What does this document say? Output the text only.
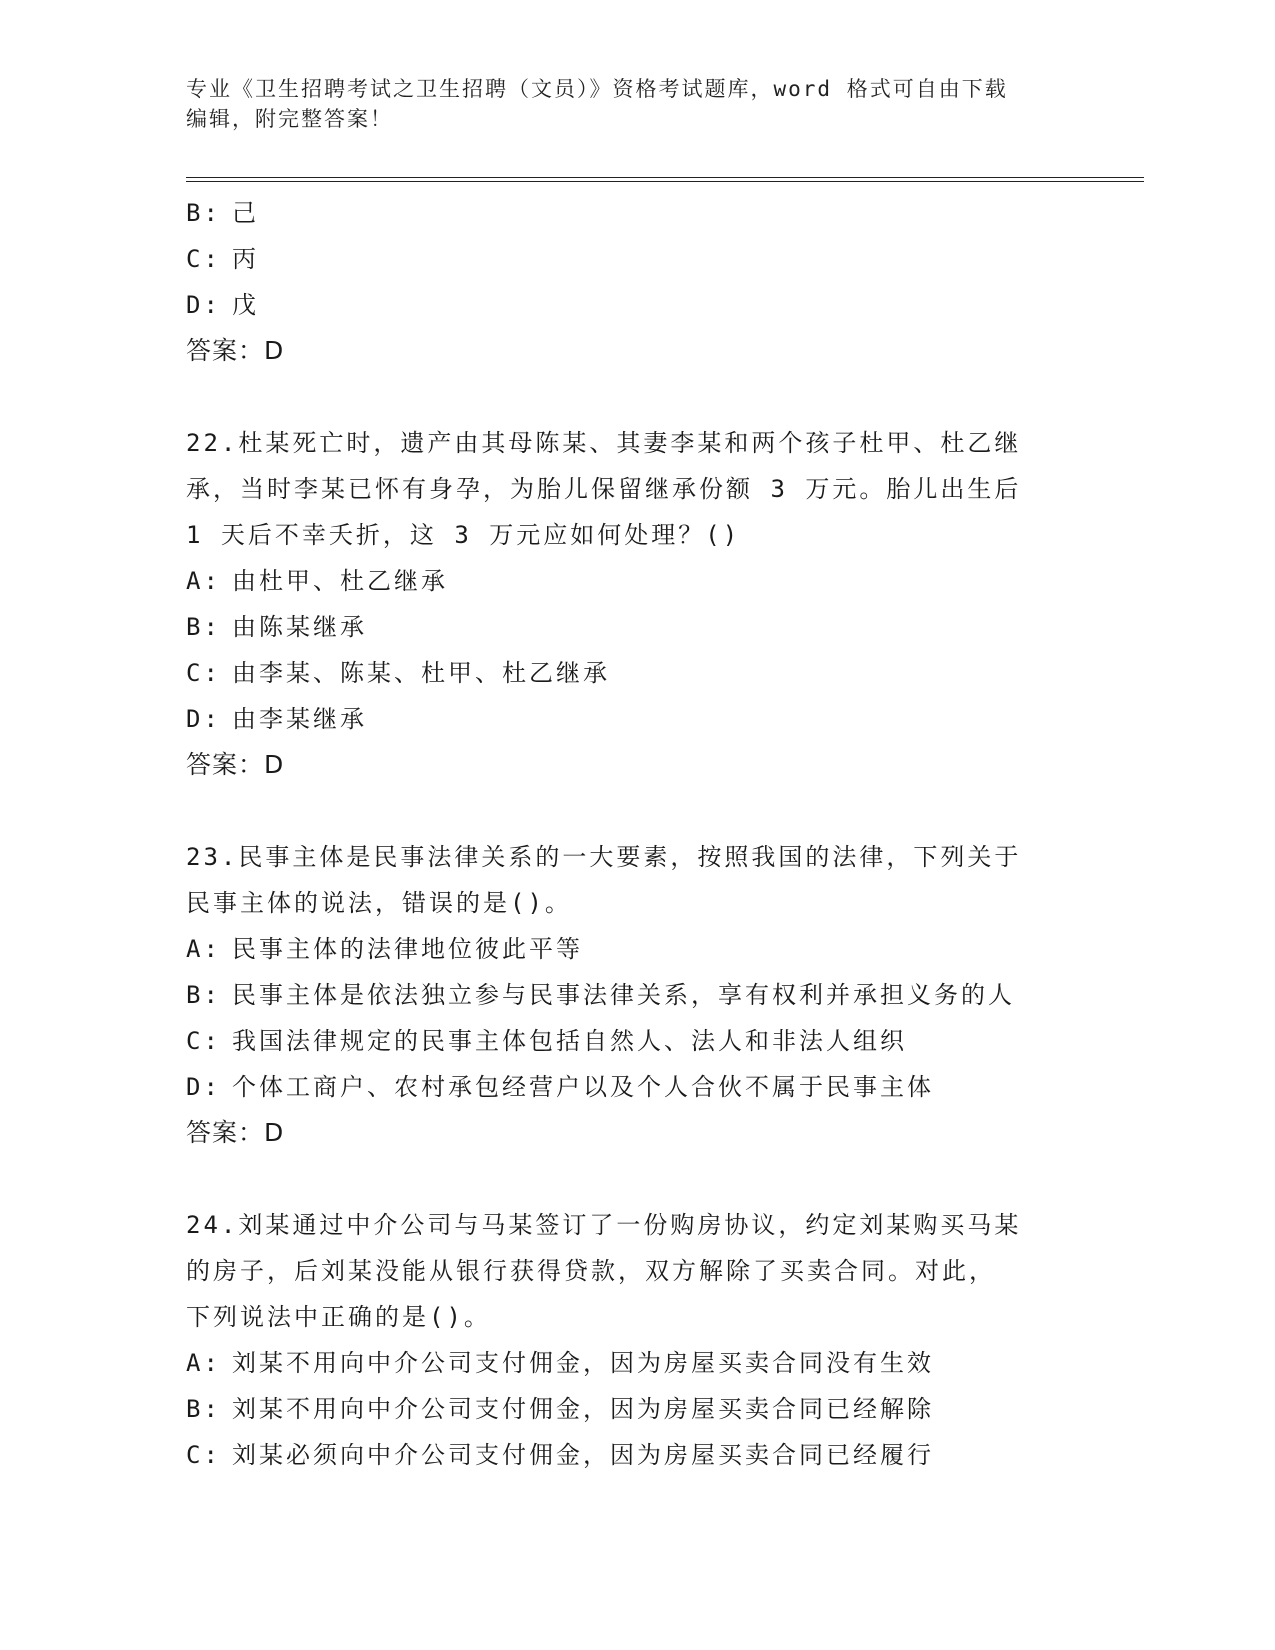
专业《卫生招聘考试之卫生招聘（文员）》资格考试题库，word 格式可自由下载
编辑，附完整答案！
B: 己
C: 丙
D: 戊
答案：D
22.杜某死亡时，遗产由其母陈某、其妻李某和两个孩子杜甲、杜乙继
承，当时李某已怀有身孕，为胎儿保留继承份额 3 万元。胎儿出生后
1 天后不幸夭折，这 3 万元应如何处理？()
A: 由杜甲、杜乙继承
B: 由陈某继承
C: 由李某、陈某、杜甲、杜乙继承
D: 由李某继承
答案：D
23.民事主体是民事法律关系的一大要素，按照我国的法律，下列关于
民事主体的说法，错误的是()。
A: 民事主体的法律地位彼此平等
B: 民事主体是依法独立参与民事法律关系，享有权利并承担义务的人
C: 我国法律规定的民事主体包括自然人、法人和非法人组织
D: 个体工商户、农村承包经营户以及个人合伙不属于民事主体
答案：D
24.刘某通过中介公司与马某签订了一份购房协议，约定刘某购买马某
的房子，后刘某没能从银行获得贷款，双方解除了买卖合同。对此，
下列说法中正确的是()。
A: 刘某不用向中介公司支付佣金，因为房屋买卖合同没有生效
B: 刘某不用向中介公司支付佣金，因为房屋买卖合同已经解除
C: 刘某必须向中介公司支付佣金，因为房屋买卖合同已经履行
